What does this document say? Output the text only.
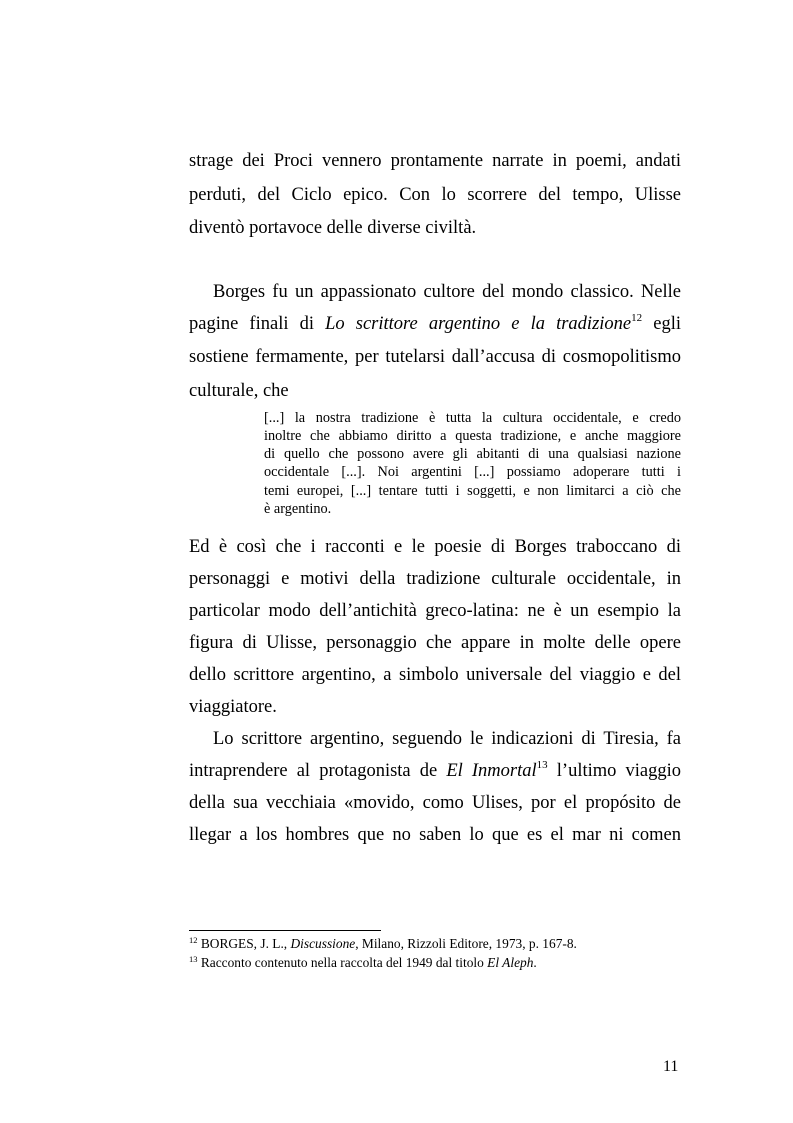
strage dei Proci vennero prontamente narrate in poemi, andati
perduti, del Ciclo epico. Con lo scorrere del tempo, Ulisse
diventò portavoce delle diverse civiltà.
Borges fu un appassionato cultore del mondo classico. Nelle
pagine finali di Lo scrittore argentino e la tradizione$^{12}$ egli
sostiene fermamente, per tutelarsi dall’accusa di cosmopolitismo
culturale, che
[...] la nostra tradizione è tutta la cultura occidentale, e credo
inoltre che abbiamo diritto a questa tradizione, e anche maggiore
di quello che possono avere gli abitanti di una qualsiasi nazione
occidentale [...]. Noi argentini [...] possiamo adoperare tutti i
temi europei, [...] tentare tutti i soggetti, e non limitarci a ciò che
è argentino.
Ed è così che i racconti e le poesie di Borges traboccano di
personaggi e motivi della tradizione culturale occidentale, in
particolar modo dell’antichità greco-latina: ne è un esempio la
figura di Ulisse, personaggio che appare in molte delle opere
dello scrittore argentino, a simbolo universale del viaggio e del
viaggiatore.
Lo scrittore argentino, seguendo le indicazioni di Tiresia, fa
intraprendere al protagonista de El Inmortal$^{13}$ l’ultimo viaggio
della sua vecchiaia «movido, como Ulises, por el propósito de
llegar a los hombres que no saben lo que es el mar ni comen
$^{12}$ BORGES, J. L., Discussione, Milano, Rizzoli Editore, 1973, p. 167-8.
$^{13}$ Racconto contenuto nella raccolta del 1949 dal titolo El Aleph.
11
